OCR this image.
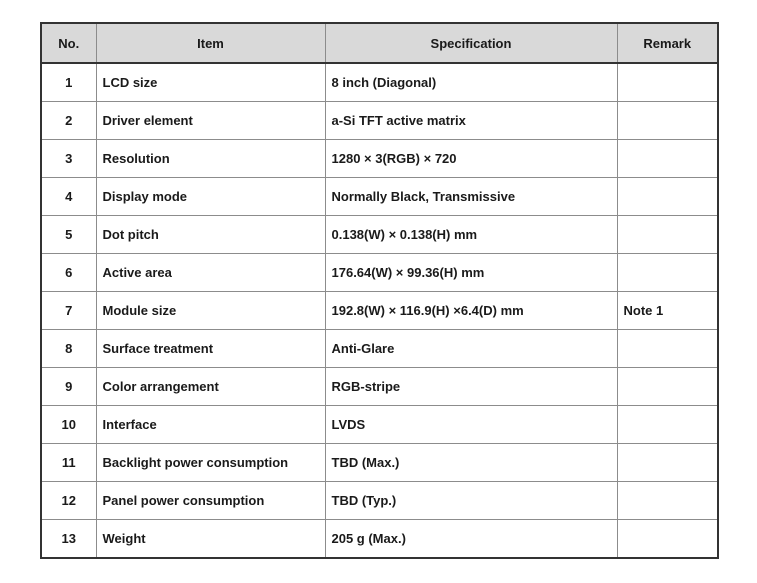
No.	Item	Specification	Remark
1	LCD size	8 inch (Diagonal)	
2	Driver element	a-Si TFT active matrix	
3	Resolution	1280 × 3(RGB) × 720	
4	Display mode	Normally Black, Transmissive	
5	Dot pitch	0.138(W) × 0.138(H) mm	
6	Active area	176.64(W) × 99.36(H) mm	
7	Module size	192.8(W) × 116.9(H) ×6.4(D) mm	Note 1
8	Surface treatment	Anti-Glare	
9	Color arrangement	RGB-stripe	
10	Interface	LVDS	
11	Backlight power consumption	TBD (Max.)	
12	Panel power consumption	TBD (Typ.)	
13	Weight	205 g (Max.)	
